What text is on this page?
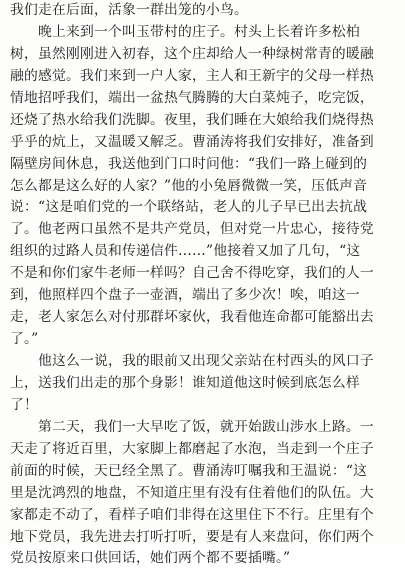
我们走在后面，活象一群出笼的小鸟。
　　晚上来到一个叫玉带村的庄子。村头上长着许多松柏
树，虽然刚刚进入初春，这个庄却给人一种绿树常青的暖融
融的感觉。我们来到一户人家，主人和王新宇的父母一样热
情地招呼我们，端出一盆热气腾腾的大白菜炖子，吃完饭，
还烧了热水给我们洗脚。夜里，我们睡在大娘给我们烧得热
乎乎的炕上，又温暖又解乏。曹涌涛将我们安排好，准备到
隔壁房间休息，我送他到门口时问他：“我们一路上碰到的
怎么都是这么好的人家？”他的小兔唇微微一笑，压低声音
说：“这是咱们党的一个联络站，老人的儿子早已出去抗战
了。他老两口虽然不是共产党员，但对党一片忠心，接待党
组织的过路人员和传递信件……”他接着又加了几句，“这
不是和你们家牛老师一样吗？自己舍不得吃穿，我们的人一
到，他照样四个盘子一壶酒，端出了多少次！唉，咱这一
走，老人家怎么对付那群坏家伙，我看他连命都可能豁出去
了。”
　　他这么一说，我的眼前又出现父亲站在村西头的风口子
上，送我们出走的那个身影！谁知道他这时候到底怎么样
了！
　　第二天，我们一大早吃了饭，就开始跋山涉水上路。一
天走了将近百里，大家脚上都磨起了水泡，当走到一个庄子
前面的时候，天已经全黑了。曹涌涛叮嘱我和王温说：“这
里是沈鸿烈的地盘，不知道庄里有没有住着他们的队伍。大
家都走不动了，看样子咱们非得在这里住下不行。庄里有个
地下党员，我先进去打听打听，要是有人来盘问，你们两个
党员按原来口供回话，她们两个都不要插嘴。”
